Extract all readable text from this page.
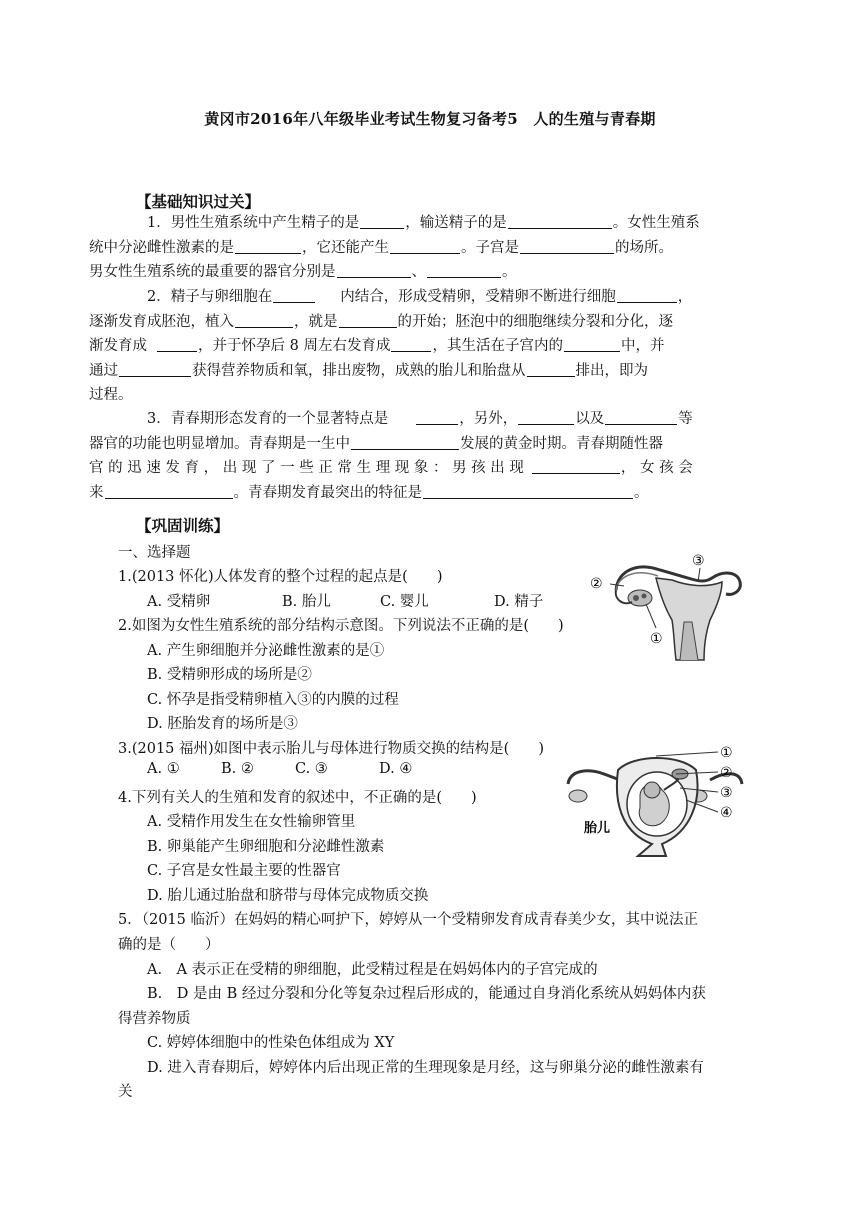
黄冈市2016年八年级毕业考试生物复习备考5　人的生殖与青春期
【基础知识过关】

1．男性生殖系统中产生精子的是	，输送精子的是	。女性生殖系
统中分泌雌性激素的是	，它还能产生	。子宫是	的场所。
男女性生殖系统的最重要的器官分别是	、	。

2．精子与卵细胞在	内结合，形成受精卵，受精卵不断进行细胞	，
逐渐发育成胚泡，植入	，就是	的开始；胚泡中的细胞继续分裂和分化，逐
渐发育成	，并于怀孕后 8 周左右发育成	，其生活在子宫内的	中，并
通过	获得营养物质和氧，排出废物，成熟的胎儿和胎盘从	排出，即为
过程。

3．青春期形态发育的一个显著特点是	，另外，	以及	等
器官的功能也明显增加。青春期是一生中	发展的黄金时期。青春期随性器
官 的 迅 速 发 育 ， 出 现 了 一 些 正 常 生 理 现 象 ： 男 孩 出 现	， 女 孩 会
来	。青春期发育最突出的特征是	。

【巩固训练】
一、选择题
1.(2013 怀化)人体发育的整个过程的起点是(　　)
A. 受精卵	B. 胎儿	C. 婴儿	D. 精子
2.如图为女性生殖系统的部分结构示意图。下列说法不正确的是(　　)
A. 产生卵细胞并分泌雌性激素的是①
B. 受精卵形成的场所是②
C. 怀孕是指受精卵植入③的内膜的过程
D. 胚胎发育的场所是③
3.(2015 福州)如图中表示胎儿与母体进行物质交换的结构是(　　)
A. ①	B. ②	C. ③	D. ④
4.下列有关人的生殖和发育的叙述中，不正确的是(　　)
A. 受精作用发生在女性输卵管里
B. 卵巢能产生卵细胞和分泌雌性激素
C. 子宫是女性最主要的性器官
D. 胎儿通过胎盘和脐带与母体完成物质交换
5．（2015 临沂）在妈妈的精心呵护下，婷婷从一个受精卵发育成青春美少女，其中说法正
确的是（　　）
A.　A 表示正在受精的卵细胞，此受精过程是在妈妈体内的子宫完成的
B.　D 是由 B 经过分裂和分化等复杂过程后形成的，能通过自身消化系统从妈妈体内获
得营养物质
C. 婷婷体细胞中的性染色体组成为 XY
D. 进入青春期后，婷婷体内后出现正常的生理现象是月经，这与卵巢分泌的雌性激素有
关
②
③
①
①
②
③
④
胎儿
